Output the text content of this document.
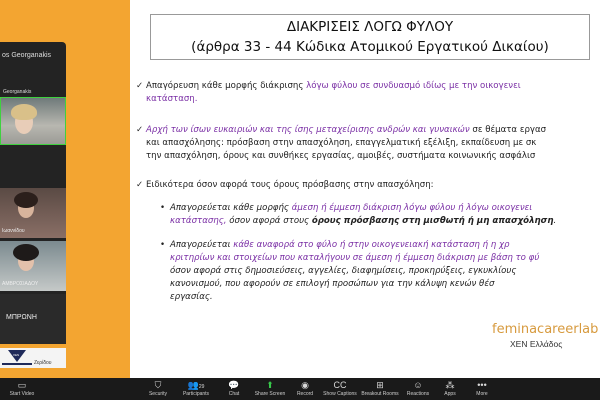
os Georganakis
Georganakis
Ιωαννίδου
ΑΜΒΡΟΣΙΑΔΟΥ
ΜΠΡΩΝΗ
ΧΕΝ
Ζερίδου
ΔΙΑΚΡΙΣΕΙΣ ΛΟΓΩ ΦΥΛΟΥ
(άρθρα 33 - 44 Κώδικα Ατομικού Εργατικού Δικαίου)
✓ Απαγόρευση κάθε μορφής διάκρισης λόγω φύλου σε συνδυασμό ιδίως με την οικογενει
κατάσταση.
✓ Αρχή των ίσων ευκαιριών και της ίσης μεταχείρισης ανδρών και γυναικών σε θέματα εργασ
και απασχόλησης: πρόσβαση στην απασχόληση, επαγγελματική εξέλιξη, εκπαίδευση με σκ
την απασχόληση, όρους και συνθήκες εργασίας, αμοιβές, συστήματα κοινωνικής ασφάλισ
✓ Ειδικότερα όσον αφορά τους όρους πρόσβασης στην απασχόληση:
• Απαγορεύεται κάθε μορφής άμεση ή έμμεση διάκριση λόγω φύλου ή λόγω οικογενει
κατάστασης, όσον αφορά στους όρους πρόσβασης στη μισθωτή ή μη απασχόληση.
• Απαγορεύεται κάθε αναφορά στο φύλο ή στην οικογενειακή κατάσταση ή η χρ
κριτηρίων και στοιχείων που καταλήγουν σε άμεση ή έμμεση διάκριση με βάση το φύ
όσον αφορά στις δημοσιεύσεις, αγγελίες, διαφημίσεις, προκηρύξεις, εγκυκλίους
κανονισμού, που αφορούν σε επιλογή προσώπων για την κάλυψη κενών θέσ
εργασίας.
feminacareerlab
ΧΕΝ Ελλάδος
▭
Start Video
⛉
Security
👥29
Participants
💬
Chat
⬆
Share Screen
◉
Record
CC
Show Captions
⊞
Breakout Rooms
☺
Reactions
⁂
Apps
•••
More
